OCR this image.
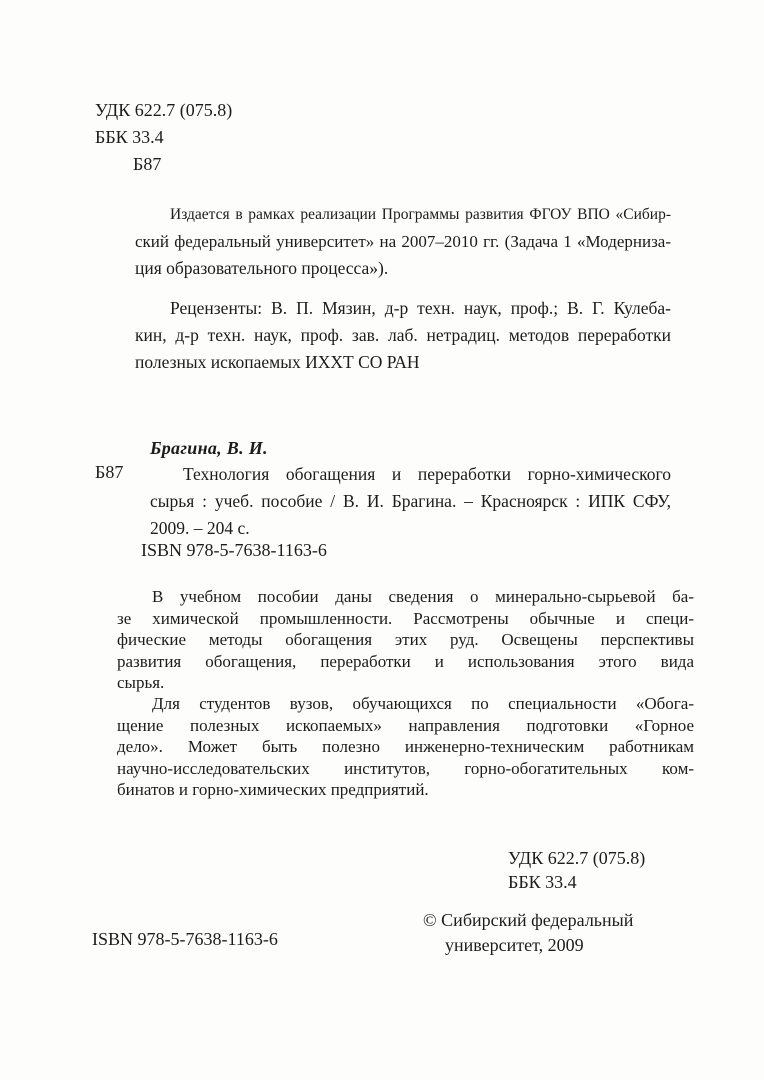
УДК 622.7 (075.8)
ББК 33.4
Б87
Издается в рамках реализации Программы развития ФГОУ ВПО «Сибир-
ский федеральный университет» на 2007–2010 гг. (Задача 1 «Модерниза-
ция образовательного процесса»).
Рецензенты: В. П. Мязин, д-р техн. наук, проф.; В. Г. Кулеба-
кин, д-р техн. наук, проф. зав. лаб. нетрадиц. методов переработки
полезных ископаемых ИХХТ СО РАН
Брагина, В. И.
Б87	Технология обогащения и переработки горно-химического
сырья : учеб. пособие / В. И. Брагина. – Красноярск : ИПК СФУ,
2009. – 204 с.
ISBN 978-5-7638-1163-6
В учебном пособии даны сведения о минерально-сырьевой ба-
зе химической промышленности. Рассмотрены обычные и специ-
фические методы обогащения этих руд. Освещены перспективы
развития обогащения, переработки и использования этого вида
сырья.
Для студентов вузов, обучающихся по специальности «Обога-
щение полезных ископаемых» направления подготовки «Горное
дело». Может быть полезно инженерно-техническим работникам
научно-исследовательских институтов, горно-обогатительных ком-
бинатов и горно-химических предприятий.
УДК 622.7 (075.8)
ББК 33.4
ISBN 978-5-7638-1163-6
© Сибирский федеральный
университет, 2009
